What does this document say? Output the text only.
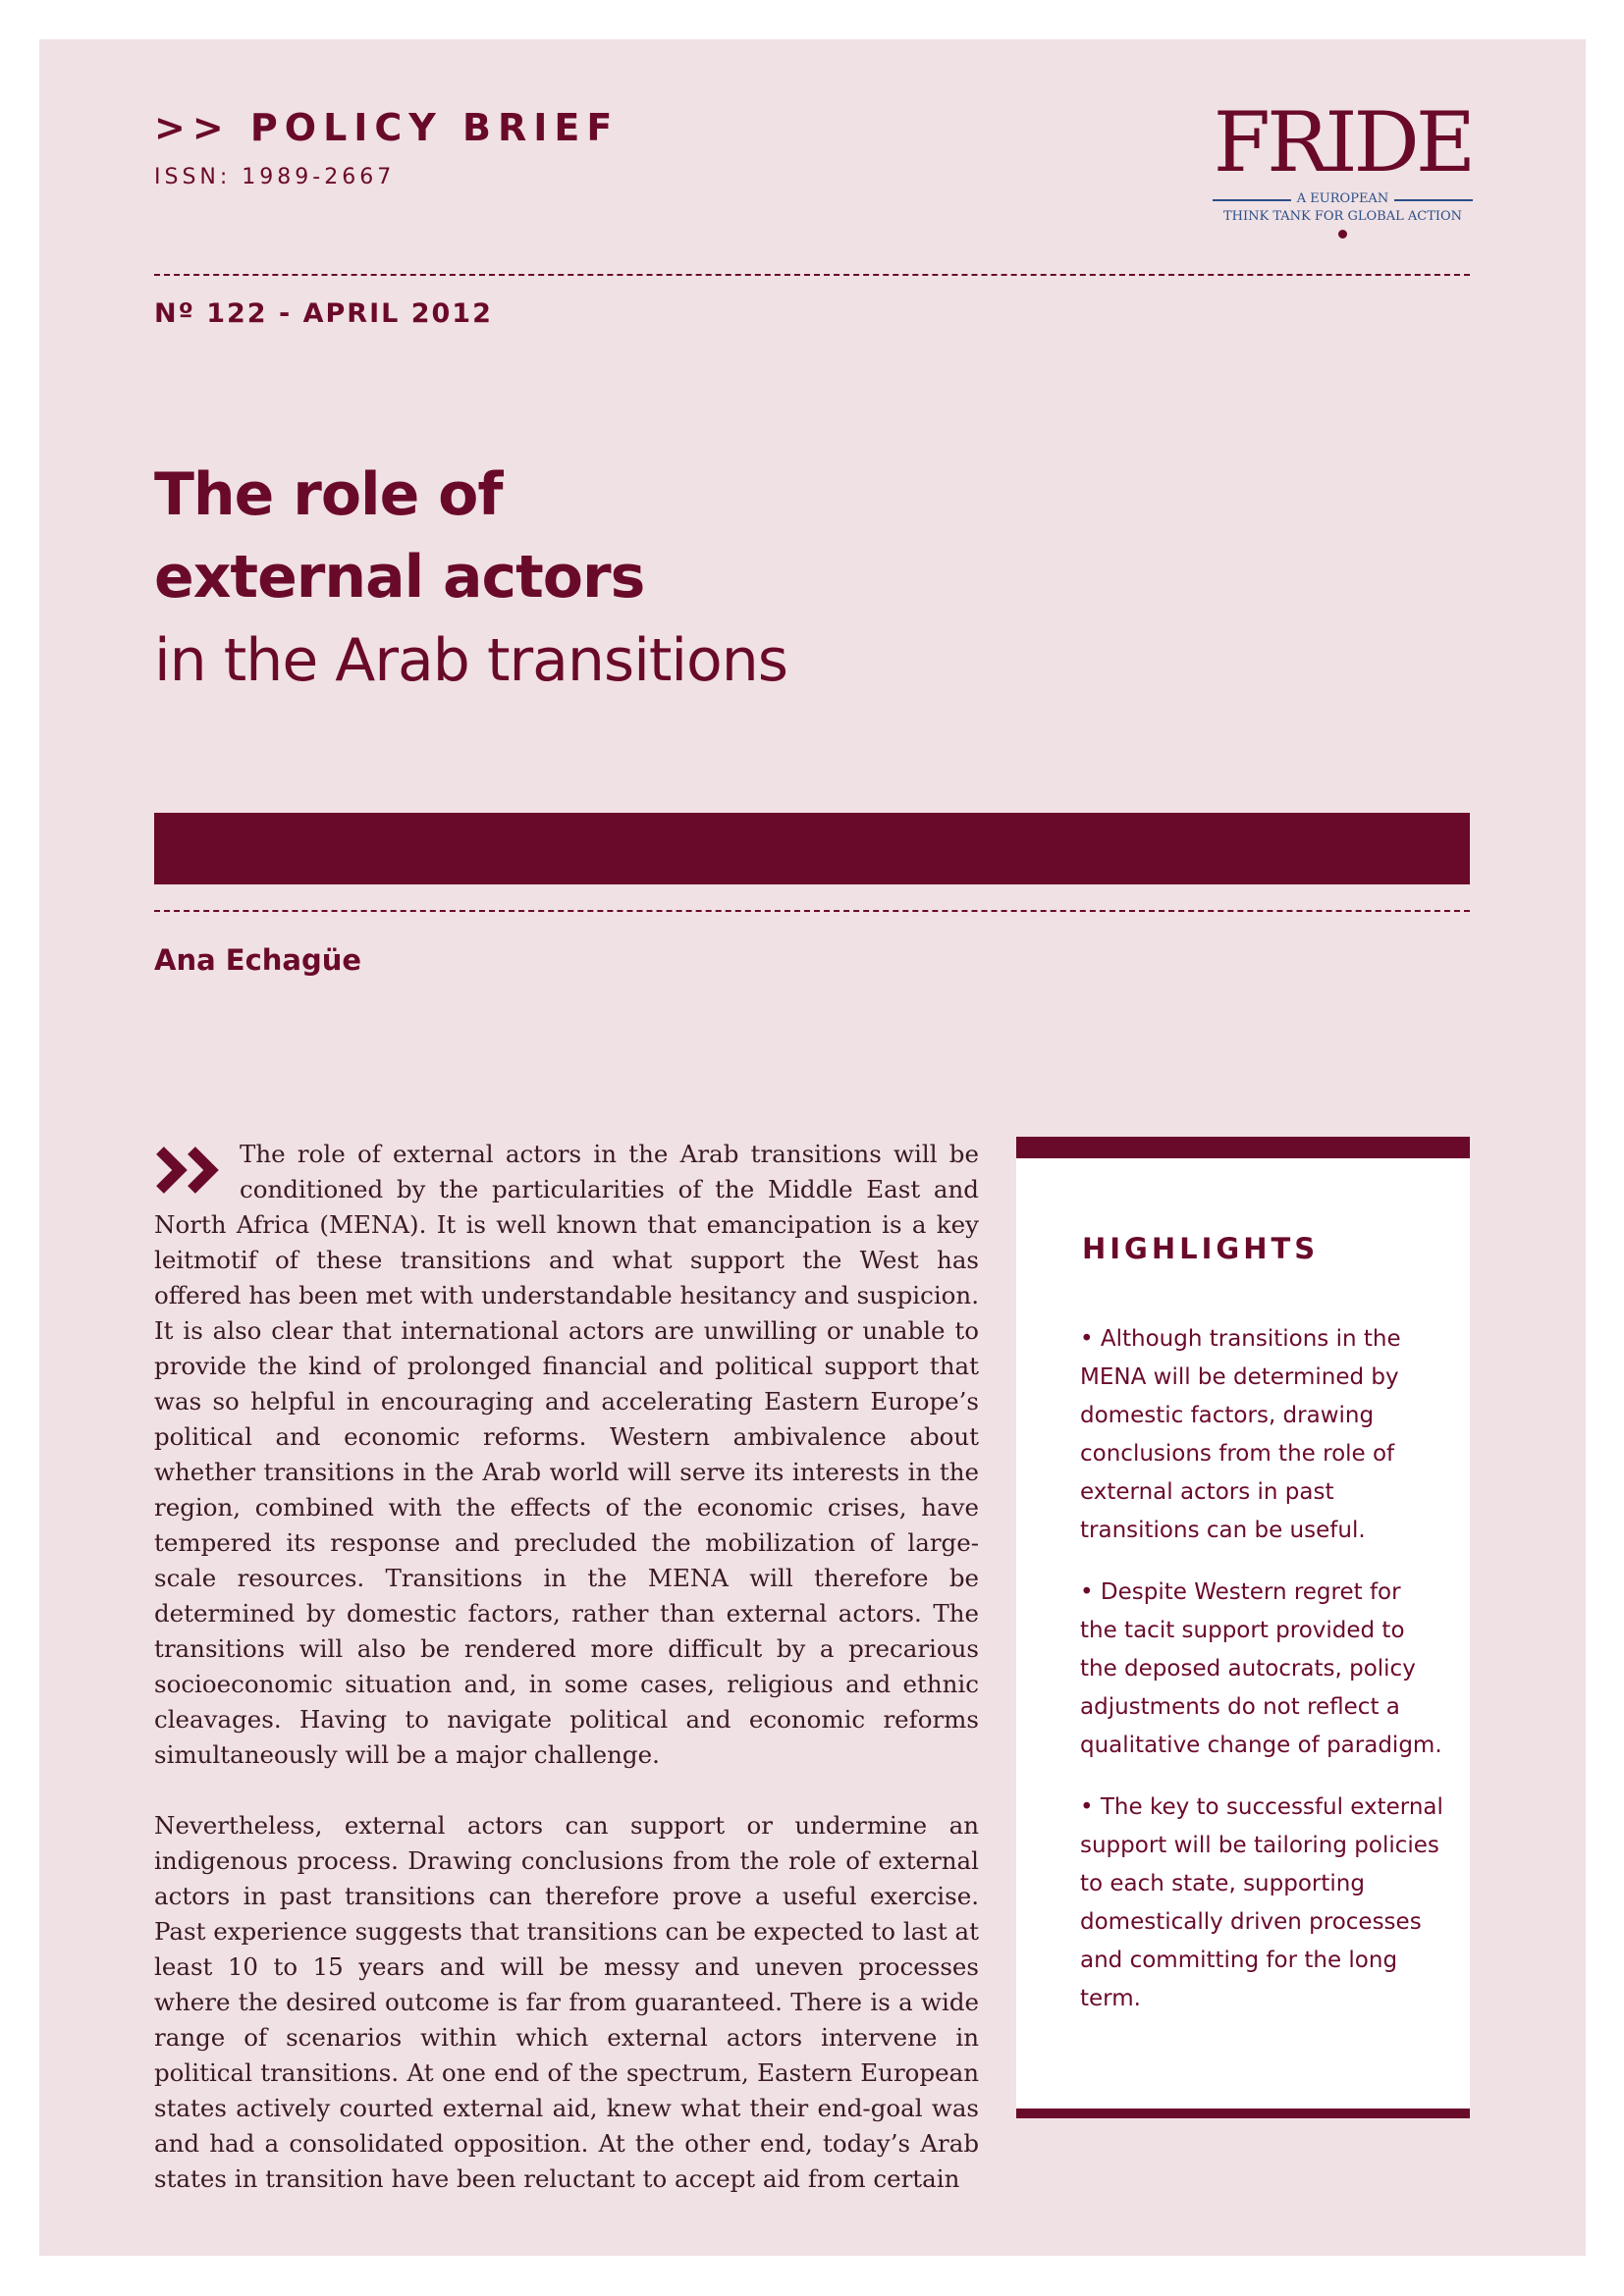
>> POLICY BRIEF
ISSN: 1989-2667	FRIDE
A EUROPEAN
THINK TANK FOR GLOBAL ACTION
Nº 122 - APRIL 2012
The role of
external actors
in the Arab transitions
Ana Echagüe

The role of external actors in the Arab transitions will be conditioned by the particularities of the Middle East and North Africa (MENA). It is well known that emancipation is a key leitmotif of these transitions and what support the West has offered has been met with understandable hesitancy and suspicion. It is also clear that international actors are unwilling or unable to provide the kind of prolonged financial and political support that was so helpful in encouraging and accelerating Eastern Europe’s political and economic reforms. Western ambivalence about whether transitions in the Arab world will serve its interests in the region, combined with the effects of the economic crises, have tempered its response and precluded the mobilization of large-scale resources. Transitions in the MENA will therefore be determined by domestic factors, rather than external actors. The transitions will also be rendered more difficult by a precarious socioeconomic situation and, in some cases, religious and ethnic cleavages. Having to navigate political and economic reforms simultaneously will be a major challenge.

Nevertheless, external actors can support or undermine an indigenous process. Drawing conclusions from the role of external actors in past transitions can therefore prove a useful exercise. Past experience suggests that transitions can be expected to last at least 10 to 15 years and will be messy and uneven processes where the desired outcome is far from guaranteed. There is a wide range of scenarios within which external actors intervene in political transitions. At one end of the spectrum, Eastern European states actively courted external aid, knew what their end-goal was and had a consolidated opposition. At the other end, today’s Arab states in transition have been reluctant to accept aid from certain

HIGHLIGHTS
• Although transitions in the MENA will be determined by domestic factors, drawing conclusions from the role of external actors in past transitions can be useful.
• Despite Western regret for the tacit support provided to the deposed autocrats, policy adjustments do not reflect a qualitative change of paradigm.
• The key to successful external support will be tailoring policies to each state, supporting domestically driven processes and committing for the long term.
